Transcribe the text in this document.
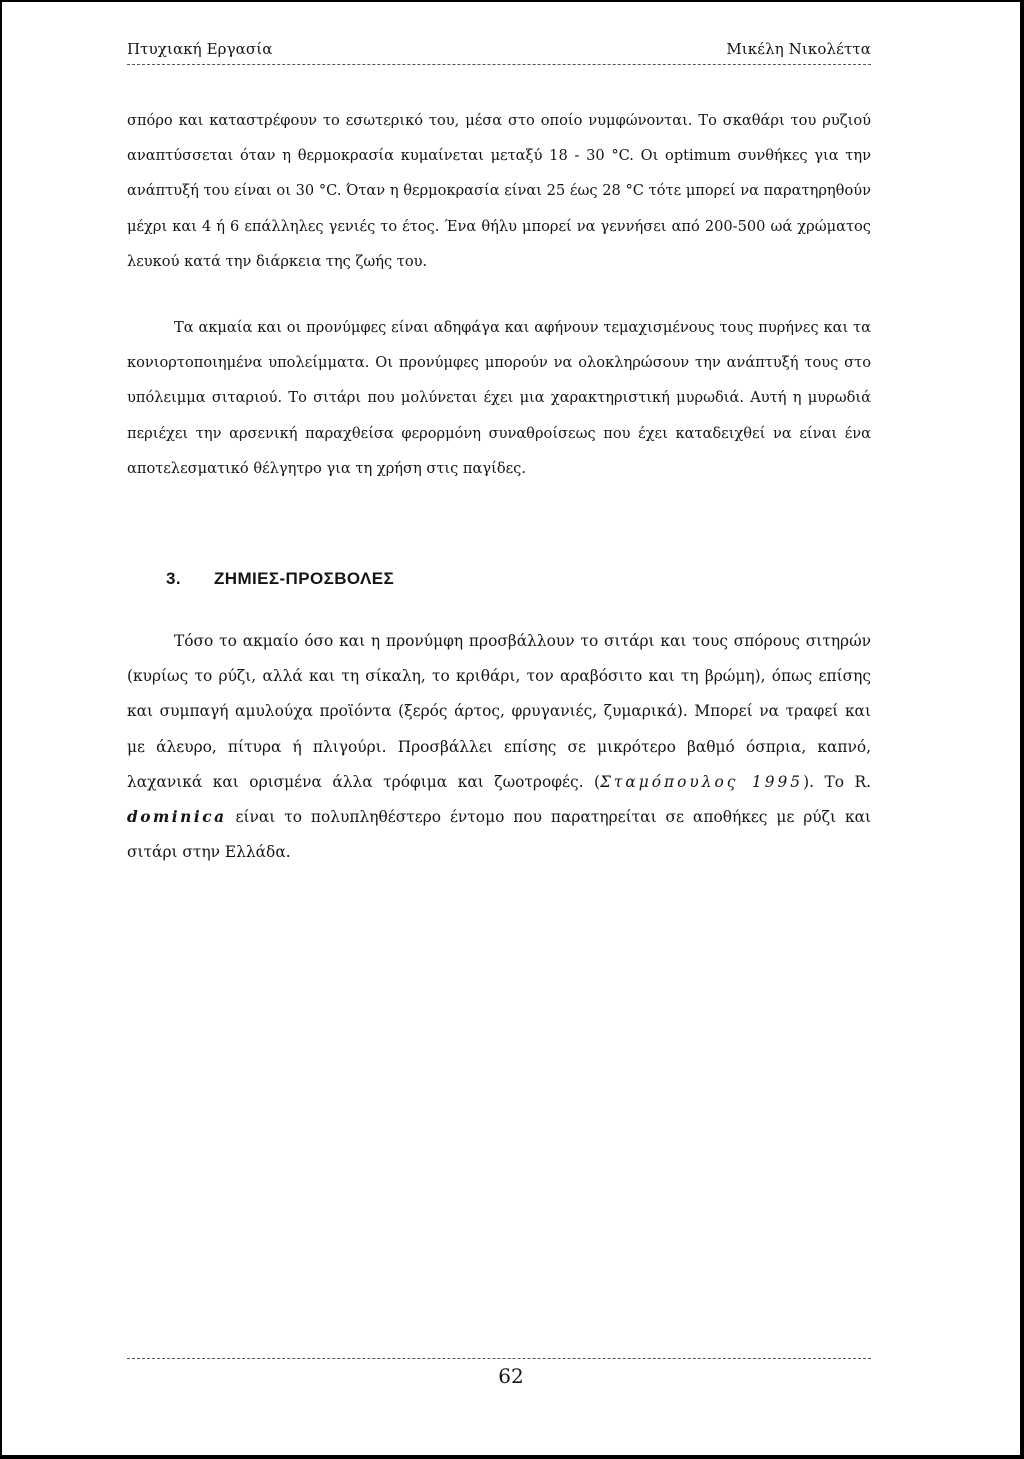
Πτυχιακή Εργασία	Μικέλη Νικολέττα

σπόρο και καταστρέφουν το εσωτερικό του, μέσα στο οποίο νυμφώνονται. Το σκαθάρι του ρυζιού αναπτύσσεται όταν η θερμοκρασία κυμαίνεται μεταξύ 18 - 30 °C. Οι optimum συνθήκες για την ανάπτυξή του είναι οι 30 °C. Όταν η θερμοκρασία είναι 25 έως 28 °C τότε μπορεί να παρατηρηθούν μέχρι και 4 ή 6 επάλληλες γενιές το έτος. Ένα θήλυ μπορεί να γεννήσει από 200-500 ωά χρώματος λευκού κατά την διάρκεια της ζωής του.

Τα ακμαία και οι προνύμφες είναι αδηφάγα και αφήνουν τεμαχισμένους τους πυρήνες και τα κονιορτοποιημένα υπολείμματα. Οι προνύμφες μπορούν να ολοκληρώσουν την ανάπτυξή τους στο υπόλειμμα σιταριού. Το σιτάρι που μολύνεται έχει μια χαρακτηριστική μυρωδιά. Αυτή η μυρωδιά περιέχει την αρσενική παραχθείσα φερορμόνη συναθροίσεως που έχει καταδειχθεί να είναι ένα αποτελεσματικό θέλγητρο για τη χρήση στις παγίδες.

3. ΖΗΜΙΕΣ-ΠΡΟΣΒΟΛΕΣ

Τόσο το ακμαίο όσο και η προνύμφη προσβάλλουν το σιτάρι και τους σπόρους σιτηρών (κυρίως το ρύζι, αλλά και τη σίκαλη, το κριθάρι, τον αραβόσιτο και τη βρώμη), όπως επίσης και συμπαγή αμυλούχα προϊόντα (ξερός άρτος, φρυγανιές, ζυμαρικά). Μπορεί να τραφεί και με άλευρο, πίτυρα ή πλιγούρι. Προσβάλλει επίσης σε μικρότερο βαθμό όσπρια, καπνό, λαχανικά και ορισμένα άλλα τρόφιμα και ζωοτροφές. (Σταμόπουλος 1995). Το R. dominica είναι το πολυπληθέστερο έντομο που παρατηρείται σε αποθήκες με ρύζι και σιτάρι στην Ελλάδα.

62
